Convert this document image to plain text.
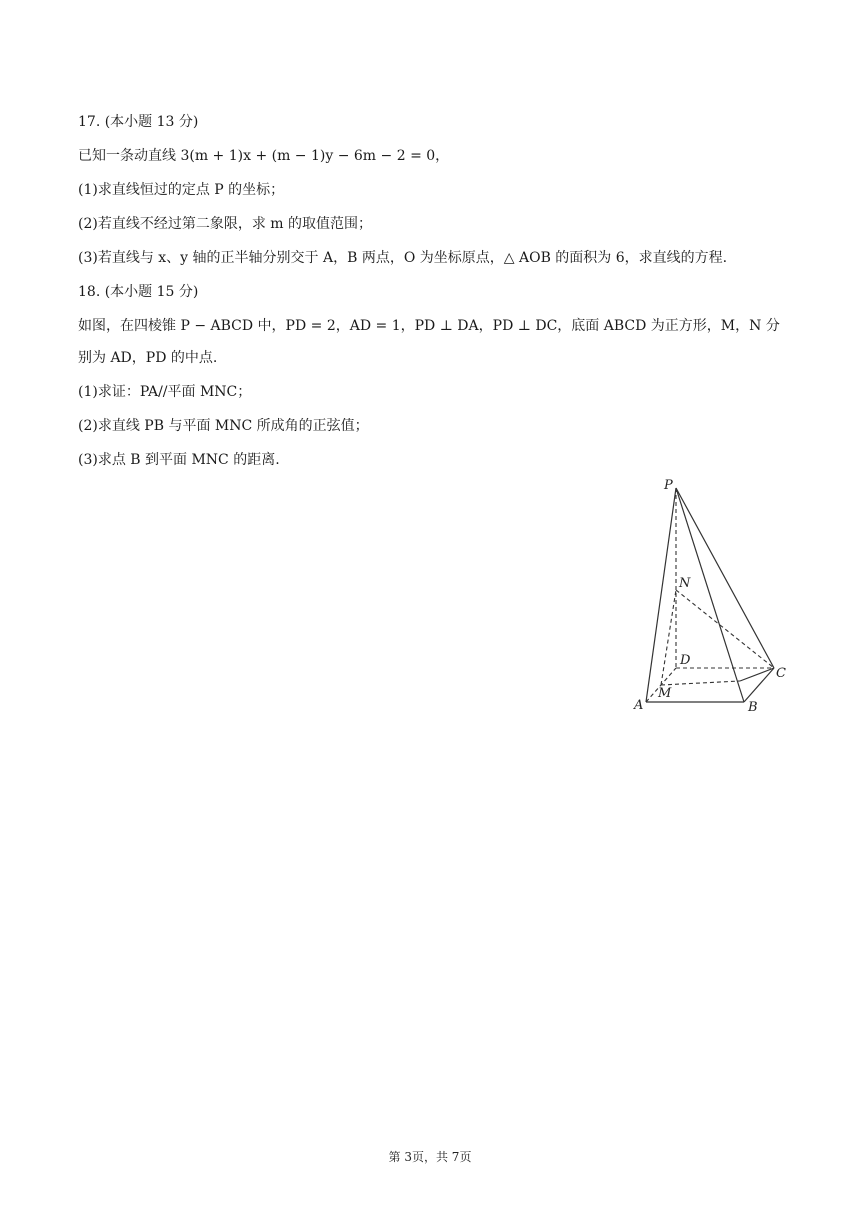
17. (本小题 13 分)
已知一条动直线 3(m + 1)x + (m − 1)y − 6m − 2 = 0，
(1)求直线恒过的定点 P 的坐标；
(2)若直线不经过第二象限，求 m 的取值范围；
(3)若直线与 x、y 轴的正半轴分别交于 A，B 两点，O 为坐标原点，△ AOB 的面积为 6，求直线的方程.
18. (本小题 15 分)
如图，在四棱锥 P − ABCD 中，PD = 2，AD = 1，PD ⊥ DA，PD ⊥ DC，底面 ABCD 为正方形，M，N 分
别为 AD，PD 的中点.
(1)求证：PA//平面 MNC；
(2)求直线 PB 与平面 MNC 所成角的正弦值；
(3)求点 B 到平面 MNC 的距离.
P
N
D
C
A
M
B
第 3页，共 7页
